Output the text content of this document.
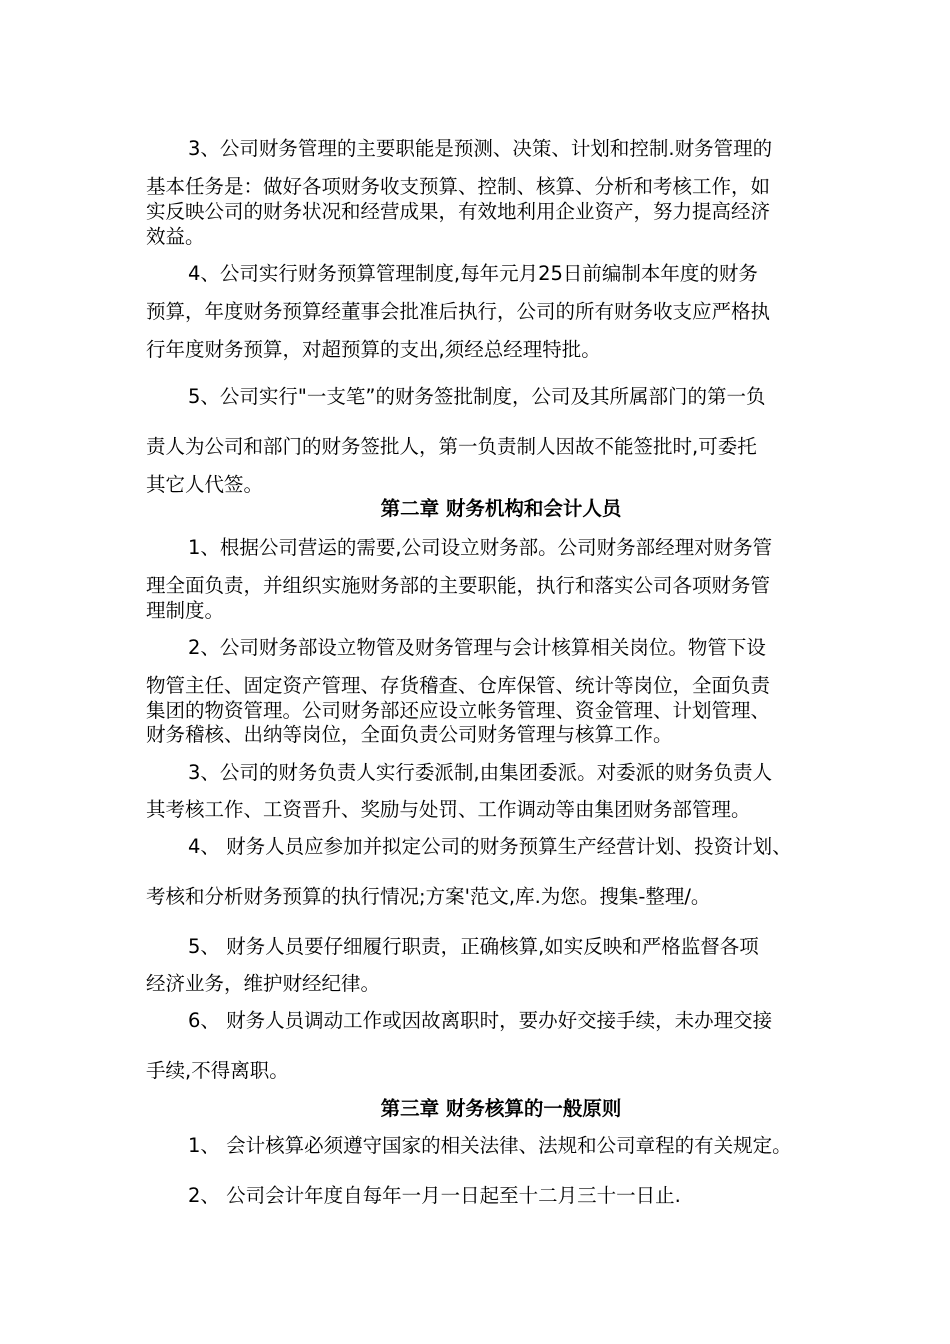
3、公司财务管理的主要职能是预测、决策、计划和控制.财务管理的
基本任务是：做好各项财务收支预算、控制、核算、分析和考核工作，如
实反映公司的财务状况和经营成果，有效地利用企业资产，努力提高经济
效益。
4、公司实行财务预算管理制度,每年元月25日前编制本年度的财务
预算，年度财务预算经董事会批准后执行，公司的所有财务收支应严格执
行年度财务预算，对超预算的支出,须经总经理特批。
5、公司实行"一支笔”的财务签批制度，公司及其所属部门的第一负
责人为公司和部门的财务签批人，第一负责制人因故不能签批时,可委托
其它人代签。
第二章 财务机构和会计人员
1、根据公司营运的需要,公司设立财务部。公司财务部经理对财务管
理全面负责，并组织实施财务部的主要职能，执行和落实公司各项财务管
理制度。
2、公司财务部设立物管及财务管理与会计核算相关岗位。物管下设
物管主任、固定资产管理、存货稽查、仓库保管、统计等岗位，全面负责
集团的物资管理。公司财务部还应设立帐务管理、资金管理、计划管理、
财务稽核、出纳等岗位，全面负责公司财务管理与核算工作。
3、公司的财务负责人实行委派制,由集团委派。对委派的财务负责人
其考核工作、工资晋升、奖励与处罚、工作调动等由集团财务部管理。
4、 财务人员应参加并拟定公司的财务预算生产经营计划、投资计划、
考核和分析财务预算的执行情况;方案'范文,库.为您。搜集-整理/。
5、 财务人员要仔细履行职责，正确核算,如实反映和严格监督各项
经济业务，维护财经纪律。
6、 财务人员调动工作或因故离职时，要办好交接手续，未办理交接
手续,不得离职。
第三章 财务核算的一般原则
1、 会计核算必须遵守国家的相关法律、法规和公司章程的有关规定。
2、 公司会计年度自每年一月一日起至十二月三十一日止.
